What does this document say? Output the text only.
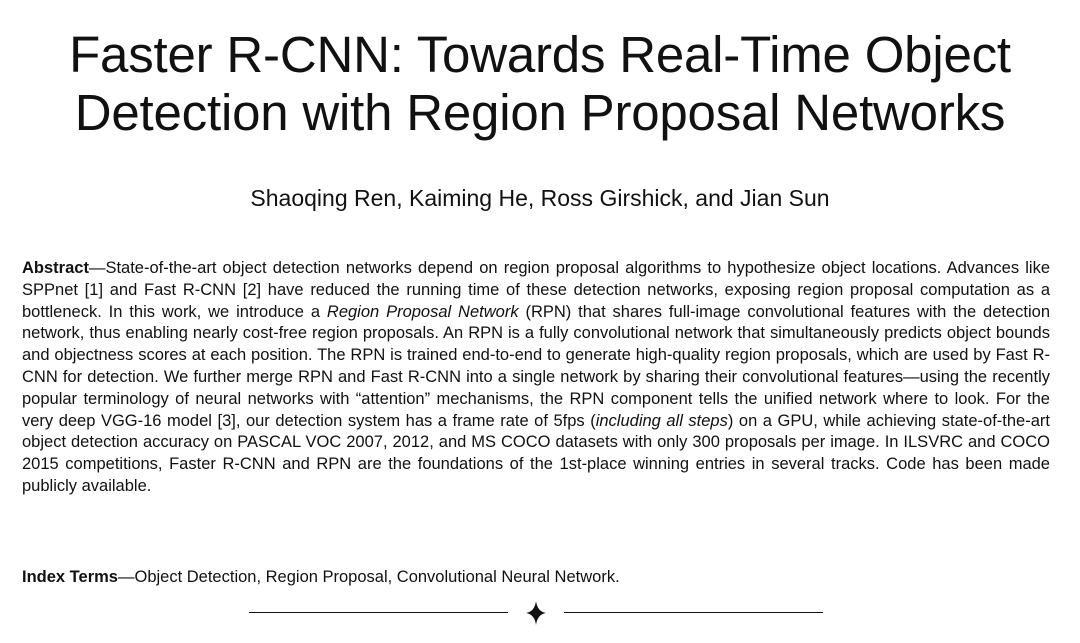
Faster R-CNN: Towards Real-Time Object
Detection with Region Proposal Networks

Shaoqing Ren, Kaiming He, Ross Girshick, and Jian Sun

Abstract—State-of-the-art object detection networks depend on region proposal algorithms to hypothesize object locations. Advances like SPPnet [1] and Fast R-CNN [2] have reduced the running time of these detection networks, exposing region proposal computation as a bottleneck. In this work, we introduce a Region Proposal Network (RPN) that shares full-image convolutional features with the detection network, thus enabling nearly cost-free region proposals. An RPN is a fully convolutional network that simultaneously predicts object bounds and objectness scores at each position. The RPN is trained end-to-end to generate high-quality region proposals, which are used by Fast R-CNN for detection. We further merge RPN and Fast R-CNN into a single network by sharing their convolutional features—using the recently popular terminology of neural networks with “attention” mechanisms, the RPN component tells the unified network where to look. For the very deep VGG-16 model [3], our detection system has a frame rate of 5fps (including all steps) on a GPU, while achieving state-of-the-art object detection accuracy on PASCAL VOC 2007, 2012, and MS COCO datasets with only 300 proposals per image. In ILSVRC and COCO 2015 competitions, Faster R-CNN and RPN are the foundations of the 1st-place winning entries in several tracks. Code has been made publicly available.

Index Terms—Object Detection, Region Proposal, Convolutional Neural Network.
